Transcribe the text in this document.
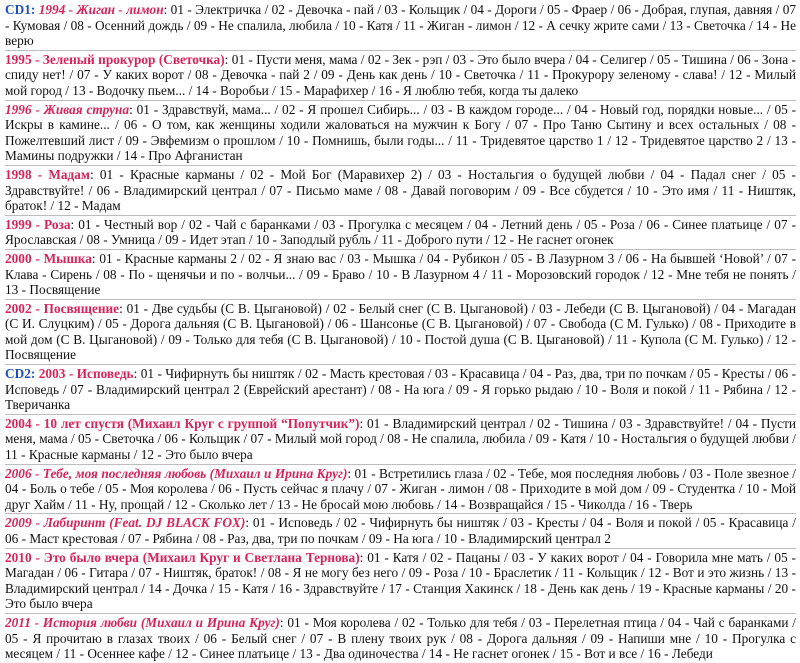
CD1: 1994 - Жиган - лимон: 01 - Электричка / 02 - Девочка - пай / 03 - Кольщик / 04 - Дороги / 05 - Фраер / 06 - Добрая, глупая, давняя / 07 - Кумовая / 08 - Осенний дождь / 09 - Не спалила, любила / 10 - Катя / 11 - Жиган - лимон / 12 - А сечку жрите сами / 13 - Светочка / 14 - Не верю
1995 - Зеленый прокурор (Светочка): 01 - Пусти меня, мама / 02 - Зек - рэп / 03 - Это было вчера / 04 - Селигер / 05 - Тишина / 06 - Зона - спиду нет! / 07 - У каких ворот / 08 - Девочка - пай 2 / 09 - День как день / 10 - Светочка / 11 - Прокурору зеленому - слава! / 12 - Милый мой город / 13 - Водочку пьем... / 14 - Воробьи / 15 - Марафихер / 16 - Я люблю тебя, когда ты далеко
1996 - Живая струна: 01 - Здравствуй, мама... / 02 - Я прошел Сибирь... / 03 - В каждом городе... / 04 - Новый год, порядки новые... / 05 - Искры в камине... / 06 - О том, как женщины ходили жаловаться на мужчин к Богу / 07 - Про Таню Сытину и всех остальных / 08 - Пожелтевший лист / 09 - Эвфемизм о прошлом / 10 - Помнишь, были годы... / 11 - Тридевятое царство 1 / 12 - Тридевятое царство 2 / 13 - Мамины подружки / 14 - Про Афганистан
1998 - Мадам: 01 - Красные карманы / 02 - Мой Бог (Маравихер 2) / 03 - Ностальгия о будущей любви / 04 - Падал снег / 05 - Здравствуйте! / 06 - Владимирский централ / 07 - Письмо маме / 08 - Давай поговорим / 09 - Все сбудется / 10 - Это имя / 11 - Ништяк, браток! / 12 - Мадам
1999 - Роза: 01 - Честный вор / 02 - Чай с баранками / 03 - Прогулка с месяцем / 04 - Летний день / 05 - Роза / 06 - Синее платьице / 07 - Ярославская / 08 - Умница / 09 - Идет этап / 10 - Заподлый рубль / 11 - Доброго пути / 12 - Не гаснет огонек
2000 - Мышка: 01 - Красные карманы 2 / 02 - Я знаю вас / 03 - Мышка / 04 - Рубикон / 05 - В Лазурном 3 / 06 - На бывшей ‘Новой’ / 07 - Клава - Сирень / 08 - По - щенячьи и по - волчьи... / 09 - Браво / 10 - В Лазурном 4 / 11 - Морозовский городок / 12 - Мне тебя не понять / 13 - Посвящение
2002 - Посвящение: 01 - Две судьбы (С В. Цыгановой) / 02 - Белый снег (С В. Цыгановой) / 03 - Лебеди (С В. Цыгановой) / 04 - Магадан (С И. Слуцким) / 05 - Дорога дальняя (С В. Цыгановой) / 06 - Шансонье (С В. Цыгановой) / 07 - Свобода (С М. Гулько) / 08 - Приходите в мой дом (С В. Цыгановой) / 09 - Только для тебя (С В. Цыгановой) / 10 - Постой душа (С В. Цыгановой) / 11 - Купола (С М. Гулько) / 12 - Посвящение
CD2: 2003 - Исповедь: 01 - Чифирнуть бы ништяк / 02 - Масть крестовая / 03 - Красавица / 04 - Раз, два, три по почкам / 05 - Кресты / 06 - Исповедь / 07 - Владимирский централ 2 (Еврейский арестант) / 08 - На юга / 09 - Я горько рыдаю / 10 - Воля и покой / 11 - Рябина / 12 - Тверичанка
2004 - 10 лет спустя (Михаил Круг с группой “Попутчик”): 01 - Владимирский централ / 02 - Тишина / 03 - Здравствуйте! / 04 - Пусти меня, мама / 05 - Светочка / 06 - Кольщик / 07 - Милый мой город / 08 - Не спалила, любила / 09 - Катя / 10 - Ностальгия о будущей любви / 11 - Красные карманы / 12 - Это было вчера
2006 - Тебе, моя последняя любовь (Михаил и Ирина Круг): 01 - Встретились глаза / 02 - Тебе, моя последняя любовь / 03 - Поле звезное / 04 - Боль о тебе / 05 - Моя королева / 06 - Пусть сейчас я плачу / 07 - Жиган - лимон / 08 - Приходите в мой дом / 09 - Студентка / 10 - Мой друг Хайм / 11 - Ну, прощай / 12 - Сколько лет / 13 - Не бросай мою любовь / 14 - Возвращайся / 15 - Чиколда / 16 - Тверь
2009 - Лабиринт (Feat. DJ BLACK FOX): 01 - Исповедь / 02 - Чифирнуть бы ништяк / 03 - Кресты / 04 - Воля и покой / 05 - Красавица / 06 - Маст крестовая / 07 - Рябина / 08 - Раз, два, три по почкам / 09 - На юга / 10 - Владимирский централ 2
2010 - Это было вчера (Михаил Круг и Светлана Тернова): 01 - Катя / 02 - Пацаны / 03 - У каких ворот / 04 - Говорила мне мать / 05 - Магадан / 06 - Гитара / 07 - Ништяк, браток! / 08 - Я не могу без него / 09 - Роза / 10 - Браслетик / 11 - Кольщик / 12 - Вот и это жизнь / 13 - Владимирский централ / 14 - Дочка / 15 - Катя / 16 - Здравствуйте / 17 - Станция Хакинск / 18 - День как день / 19 - Красные карманы / 20 - Это было вчера
2011 - История любви (Михаил и Ирина Круг): 01 - Моя королева / 02 - Только для тебя / 03 - Перелетная птица / 04 - Чай с баранками / 05 - Я прочитаю в глазах твоих / 06 - Белый снег / 07 - В плену твоих рук / 08 - Дорога дальняя / 09 - Напиши мне / 10 - Прогулка с месяцем / 11 - Осеннее кафе / 12 - Синее платьице / 13 - Два одиночества / 14 - Не гаснет огонек / 15 - Вот и все / 16 - Лебеди
